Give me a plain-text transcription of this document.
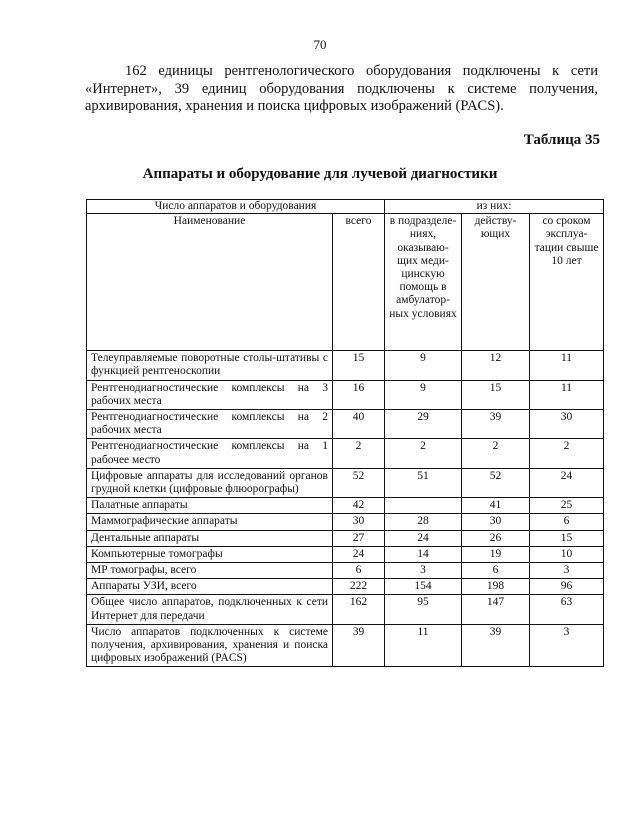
70

162 единицы рентгенологического оборудования подключены к сети «Интернет», 39 единиц оборудования подключены к системе получения, архивирования, хранения и поиска цифровых изображений (PACS).

Таблица 35
Аппараты и оборудование для лучевой диагностики
Число аппаратов и оборудования		из них:		
Наименование	всего	в подразделе-ниях, оказываю-щих меди-цинскую помощь в амбулатор-ных условиях	действу-ющих	со сроком эксплуа-тации свыше 10 лет
Телеуправляемые поворотные столы-штативы с функцией рентгеноскопии	15	9	12	11
Рентгенодиагностические комплексы на 3 рабочих места	16	9	15	11
Рентгенодиагностические комплексы на 2 рабочих места	40	29	39	30
Рентгенодиагностические комплексы на 1 рабочее место	2	2	2	2
Цифровые аппараты для исследований органов грудной клетки (цифровые флюорографы)	52	51	52	24
Палатные аппараты	42		41	25
Маммографические аппараты	30	28	30	6
Дентальные аппараты	27	24	26	15
Компьютерные томографы	24	14	19	10
МР томографы, всего	6	3	6	3
Аппараты УЗИ, всего	222	154	198	96
Общее число аппаратов, подключенных к сети Интернет для передачи	162	95	147	63
Число аппаратов подключенных к системе получения, архивирования, хранения и поиска цифровых изображений (PACS)	39	11	39	3
